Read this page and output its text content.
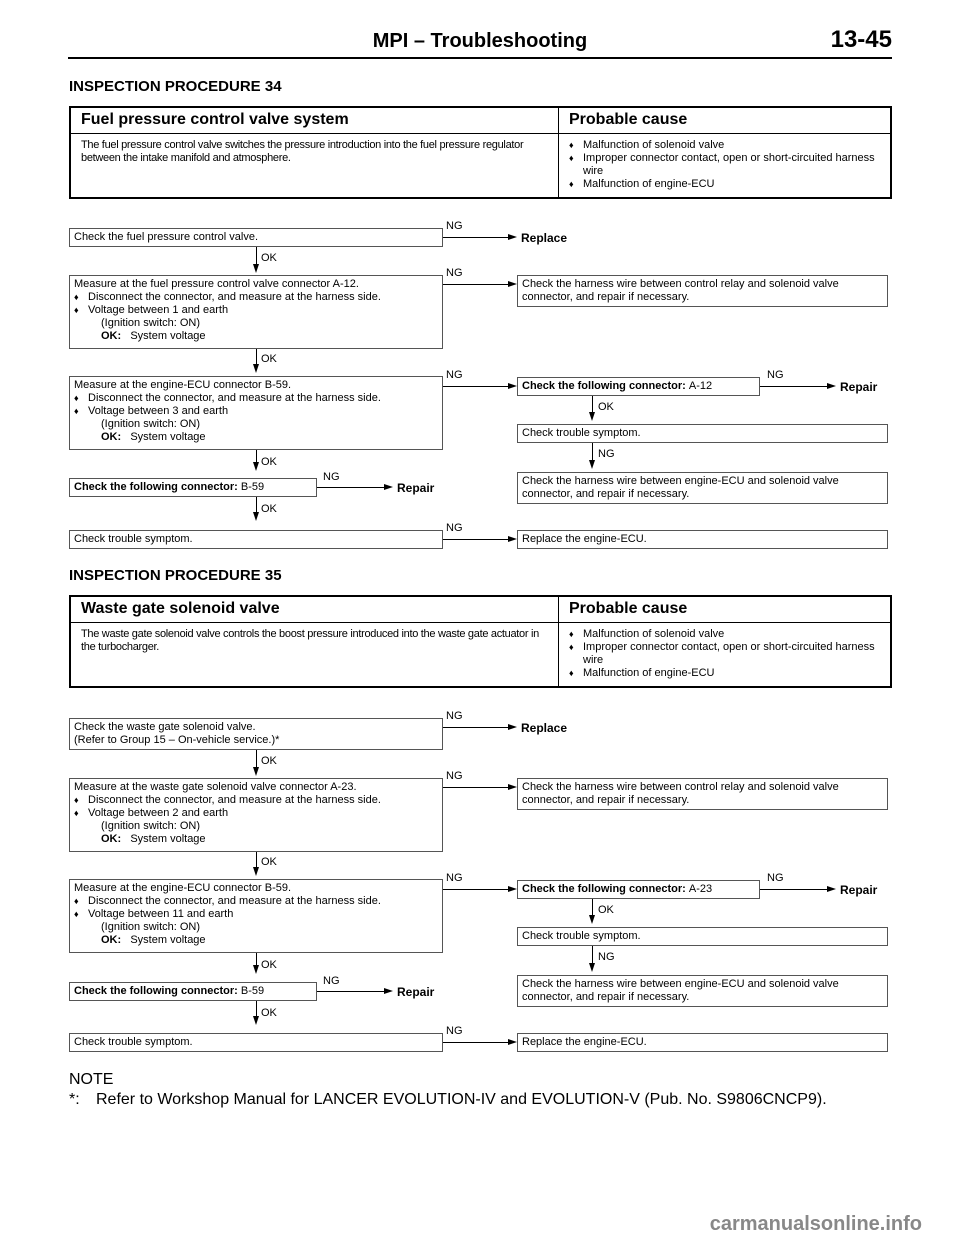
MPI – Troubleshooting	13-45
INSPECTION PROCEDURE 34
Fuel pressure control valve system	Probable cause
The fuel pressure control valve switches the pressure introduction into the fuel pressure regulator between the intake manifold and atmosphere.
♦ Malfunction of solenoid valve
♦ Improper connector contact, open or short-circuited harness wire
♦ Malfunction of engine-ECU
Check the fuel pressure control valve.
NG
Replace
OK
Measure at the fuel pressure control valve connector A-12.
♦ Disconnect the connector, and measure at the harness side.
♦ Voltage between 1 and earth
(Ignition switch: ON)
OK: System voltage
NG
Check the harness wire between control relay and solenoid valve connector, and repair if necessary.
OK
Measure at the engine-ECU connector B-59.
♦ Disconnect the connector, and measure at the harness side.
♦ Voltage between 3 and earth
(Ignition switch: ON)
OK: System voltage
NG
Check the following connector: A-12
NG
Repair
OK
Check trouble symptom.
NG
Check the harness wire between engine-ECU and solenoid valve connector, and repair if necessary.
OK
Check the following connector: B-59
NG
Repair
OK
Check trouble symptom.
NG
Replace the engine-ECU.
INSPECTION PROCEDURE 35
Waste gate solenoid valve	Probable cause
The waste gate solenoid valve controls the boost pressure introduced into the waste gate actuator in the turbocharger.
♦ Malfunction of solenoid valve
♦ Improper connector contact, open or short-circuited harness wire
♦ Malfunction of engine-ECU
Check the waste gate solenoid valve.
(Refer to Group 15 – On-vehicle service.)*
NG
Replace
OK
Measure at the waste gate solenoid valve connector A-23.
♦ Disconnect the connector, and measure at the harness side.
♦ Voltage between 2 and earth
(Ignition switch: ON)
OK: System voltage
NG
Check the harness wire between control relay and solenoid valve connector, and repair if necessary.
OK
Measure at the engine-ECU connector B-59.
♦ Disconnect the connector, and measure at the harness side.
♦ Voltage between 11 and earth
(Ignition switch: ON)
OK: System voltage
NG
Check the following connector: A-23
NG
Repair
OK
Check trouble symptom.
NG
Check the harness wire between engine-ECU and solenoid valve connector, and repair if necessary.
OK
Check the following connector: B-59
NG
Repair
OK
Check trouble symptom.
NG
Replace the engine-ECU.
NOTE
*: Refer to Workshop Manual for LANCER EVOLUTION-IV and EVOLUTION-V (Pub. No. S9806CNCP9).
carmanualsonline.info
